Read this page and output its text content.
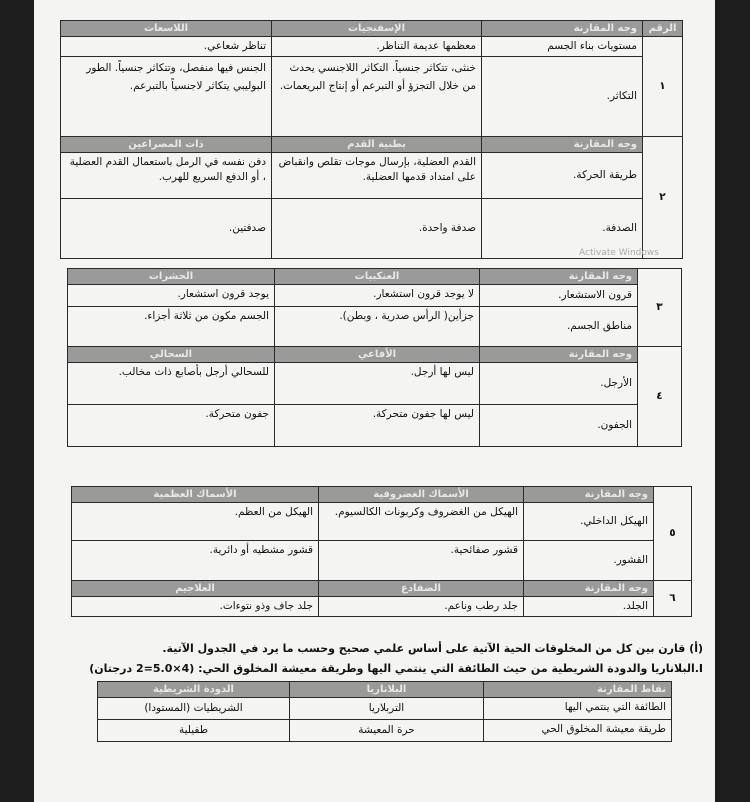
الرقم	وجه المقارنة	الإسفنجيات	اللاسعات
١	مستويات بناء الجسم	معظمها عديمة التناظر.	تناظر شعاعي.
	التكاثر.	خنثى، تتكاثر جنسياً. التكاثر اللاجنسي يحدث من خلال التجزؤ أو التبرعم أو إنتاج البريعمات.	الجنس فيها منفصل، وتتكاثر جنسياً. الطور البوليبي يتكاثر لاجنسياً بالتبرعم.
٢	وجه المقارنة	بطنية القدم	ذات المصراعين
	طريقة الحركة.	القدم العضلية، بإرسال موجات تقلص وانقباض على امتداد قدمها العضلية.	دفن نفسه في الرمل باستعمال القدم العضلية ، أو الدفع السريع للهرب.
	الصدفة.	صدفة واحدة.	صدفتين.
Activate Windows
٣	وجه المقارنة	العنكبيات	الحشرات
	قرون الاستشعار.	لا يوجد قرون استشعار.	يوجد قرون استشعار.
	مناطق الجسم.	جزأين( الرأس صدرية ، وبطن).	الجسم مكون من ثلاثة أجزاء.
٤	وجه المقارنة	الأفاعي	السحالي
	الأرجل.	ليس لها أرجل.	للسحالي أرجل بأصابع ذات مخالب.
	الجفون.	ليس لها جفون متحركة.	جفون متحركة.
٥	وجه المقارنة	الأسماك الغضروفية	الأسماك العظمية
	الهيكل الداخلي.	الهيكل من الغضروف وكربونات الكالسيوم.	الهيكل من العظم.
	القشور.	قشور صفائحية.	قشور مشطيه أو دائرية.
٦	وجه المقارنة	الضفادع	العلاجيم
	الجلد.	جلد رطب وناعم.	جلد جاف وذو نتوءات.
(أ) قارن بين كل من المخلوقات الحية الآتية على أساس علمي صحيح وحسب ما يرد في الجدول الآتية.
I.البلاناريا والدودة الشريطية من حيث الطائفة التي ينتمي اليها وطريقة معيشة المخلوق الحي: (4×5.0=2 درجتان)
نقاط المقارنة	البلاناريا	الدودة الشريطية
الطائفة التي ينتمي اليها	التربلاريا	الشريطيات (المستودا)
طريقة معيشة المخلوق الحي	حرة المعيشة	طفيلية
